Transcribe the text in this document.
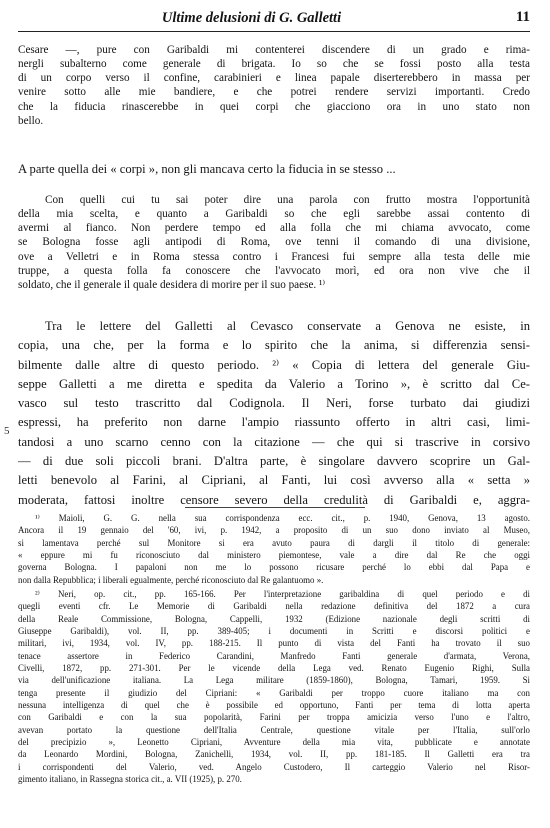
Ultime delusioni di G. Galletti	11
Cesare —, pure con Garibaldi mi contenterei discendere di un grado e rima-
nergli subalterno come generale di brigata. Io so che se fossi posto alla testa
di un corpo verso il confine, carabinieri e linea papale diserterebbero in massa per
venire sotto alle mie bandiere, e che potrei rendere servizi importanti. Credo
che la fiducia rinascerebbe in quei corpi che giacciono ora in uno stato non
bello.
A parte quella dei « corpi », non gli mancava certo la fiducia in se stesso ...
Con quelli cui tu sai poter dire una parola con frutto mostra l'opportunità
della mia scelta, e quanto a Garibaldi so che egli sarebbe assai contento di
avermi al fianco. Non perdere tempo ed alla folla che mi chiama avvocato, come
se Bologna fosse agli antipodi di Roma, ove tenni il comando di una divisione,
ove a Velletri e in Roma stessa contro i Francesi fui sempre alla testa delle mie
truppe, a questa folla fa conoscere che l'avvocato morì, ed ora non vive che il
soldato, che il generale il quale desidera di morire per il suo paese. ¹⁾
Tra le lettere del Galletti al Cevasco conservate a Genova ne esiste, in
copia, una che, per la forma e lo spirito che la anima, si differenzia sensi-
bilmente dalle altre di questo periodo. ²⁾ « Copia di lettera del generale Giu-
seppe Galletti a me diretta e spedita da Valerio a Torino », è scritto dal Ce-
vasco sul testo trascritto dal Codignola. Il Neri, forse turbato dai giudizi
espressi, ha preferito non darne l'ampio riassunto offerto in altri casi, limi-
tandosi a uno scarno cenno con la citazione — che qui si trascrive in corsivo
— di due soli piccoli brani. D'altra parte, è singolare davvero scoprire un Gal-
letti benevolo al Farini, al Cipriani, al Fanti, lui così avverso alla « setta »
moderata, fattosi inoltre censore severo della credulità di Garibaldi e, aggra-
5
¹⁾ Maioli, G. G. nella sua corrispondenza ecc. cit., p. 1940, Genova, 13 agosto.
Ancora il 19 gennaio del '60, ivi, p. 1942, a proposito di un suo dono inviato al Museo,
si lamentava perché sul Monitore si era avuto paura di dargli il titolo di generale:
« eppure mi fu riconosciuto dal ministero piemontese, vale a dire dal Re che oggi
governa Bologna. I papaloni non me lo possono ricusare perché lo ebbi dal Papa e
non dalla Repubblica; i liberali egualmente, perché riconosciuto dal Re galantuomo ».
²⁾ Neri, op. cit., pp. 165-166. Per l'interpretazione garibaldina di quel periodo e di
quegli eventi cfr. Le Memorie di Garibaldi nella redazione definitiva del 1872 a cura
della Reale Commissione, Bologna, Cappelli, 1932 (Edizione nazionale degli scritti di
Giuseppe Garibaldi), vol. II, pp. 389-405; i documenti in Scritti e discorsi politici e
militari, ivi, 1934, vol. IV, pp. 188-215. Il punto di vista del Fanti ha trovato il suo
tenace assertore in Federico Carandini, Manfredo Fanti generale d'armata, Verona,
Civelli, 1872, pp. 271-301. Per le vicende della Lega ved. Renato Eugenio Righi, Sulla
via dell'unificazione italiana. La Lega militare (1859-1860), Bologna, Tamari, 1959. Si
tenga presente il giudizio del Cipriani: « Garibaldi per troppo cuore italiano ma con
nessuna intelligenza di quel che è possibile ed opportuno, Fanti per tema di lotta aperta
con Garibaldi e con la sua popolarità, Farini per troppa amicizia verso l'uno e l'altro,
avevan portato la questione dell'Italia Centrale, questione vitale per l'Italia, sull'orlo
del precipizio », Leonetto Cipriani, Avventure della mia vita, pubblicate e annotate
da Leonardo Mordini, Bologna, Zanichelli, 1934, vol. II, pp. 181-185. Il Galletti era tra
i corrispondenti del Valerio, ved. Angelo Custodero, Il carteggio Valerio nel Risor-
gimento italiano, in Rassegna storica cit., a. VII (1925), p. 270.
